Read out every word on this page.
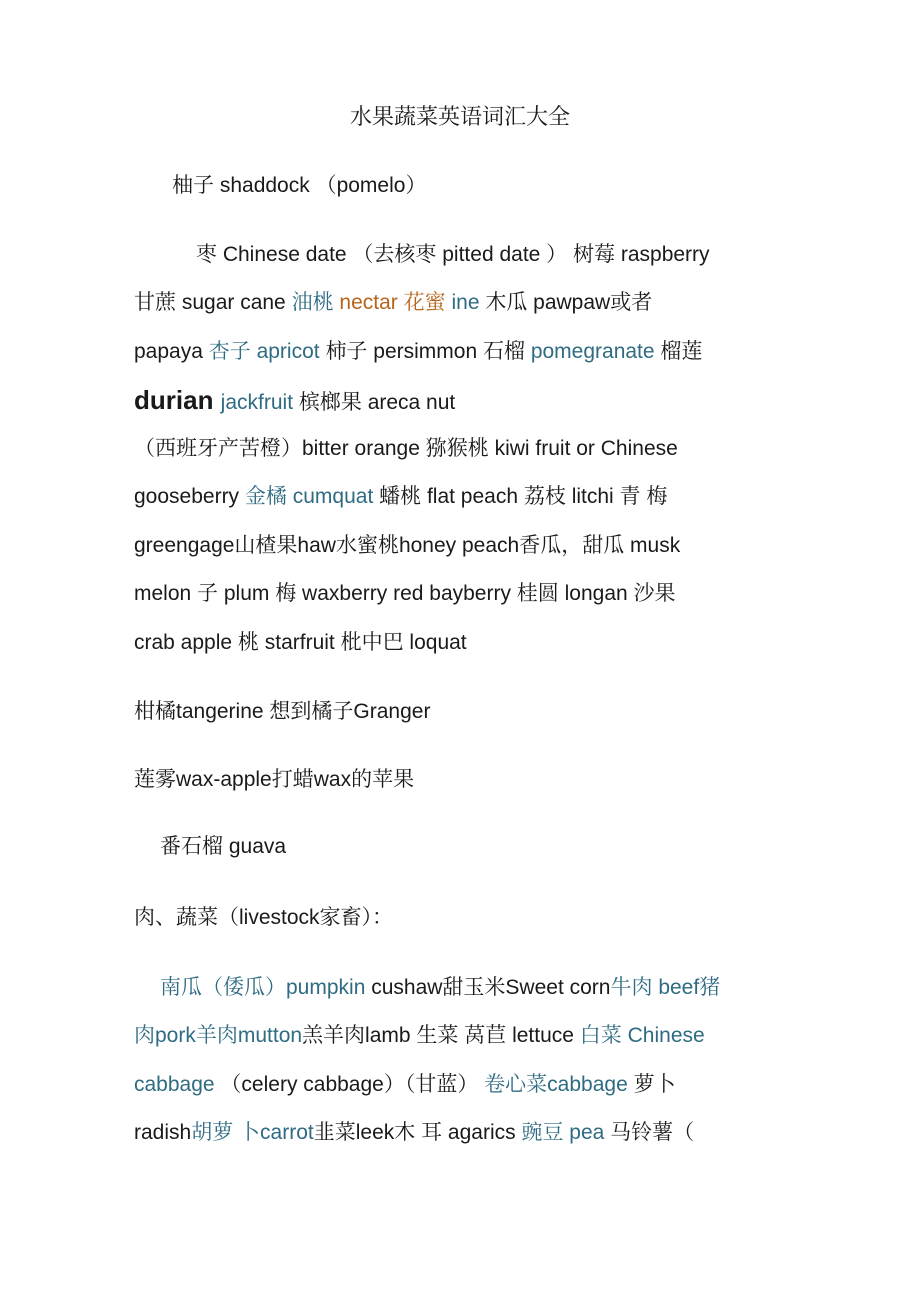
水果蔬菜英语词汇大全
柚子 shaddock （pomelo）
枣 Chinese date （去核枣 pitted date ） 树莓 raspberry
甘蔗 sugar cane 油桃 nectar 花蜜 ine 木瓜 pawpaw或者
papaya 杏子 apricot 柿子 persimmon 石榴 pomegranate 榴莲
durian jackfruit 槟榔果 areca nut
（西班牙产苦橙）bitter orange 猕猴桃 kiwi fruit or Chinese
gooseberry 金橘 cumquat 蟠桃 flat peach 荔枝 litchi 青 梅
greengage山楂果haw水蜜桃honey peach香瓜，甜瓜 musk
melon 子 plum 梅 waxberry red bayberry 桂圆 longan 沙果
crab apple 桃 starfruit 枇中巴 loquat
柑橘tangerine 想到橘子Granger
莲雾wax-apple打蜡wax的苹果
番石榴 guava
肉、蔬菜（livestock家畜）：
南瓜（倭瓜）pumpkin cushaw甜玉米Sweet corn牛肉 beef猪
肉pork羊肉mutton羔羊肉lamb 生菜 莴苣 lettuce 白菜 Chinese
cabbage （celery cabbage）（甘蓝） 卷心菜cabbage 萝卜
radish胡萝 卜carrot韭菜leek木 耳 agarics 豌豆 pea 马铃薯（
